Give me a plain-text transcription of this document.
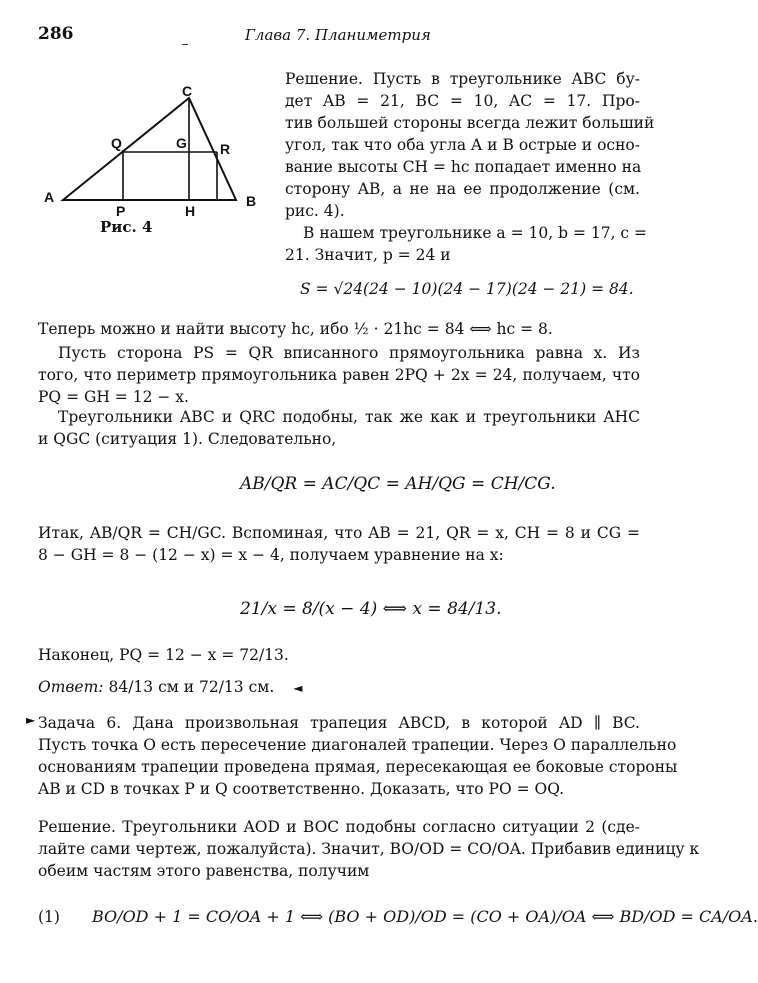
286	Глава 7. Планиметрия
C
Q	G R
A	B
P	H
Рис. 4
Решение. Пусть в треугольнике ABC бу-
дет AB = 21, BC = 10, AC = 17. Про-
тив большей стороны всегда лежит больший
угол, так что оба угла A и B острые и осно-
вание высоты CH = hc попадает именно на
сторону AB, а не на ее продолжение (см.
рис. 4).
В нашем треугольнике a = 10, b = 17, c =
21. Значит, p = 24 и
S = √24(24 − 10)(24 − 17)(24 − 21) = 84.
Теперь можно и найти высоту hc, ибо ½ · 21hc = 84 ⟺ hc = 8.
Пусть сторона PS = QR вписанного прямоугольника равна x. Из
того, что периметр прямоугольника равен 2PQ + 2x = 24, получаем, что
PQ = GH = 12 − x.
Треугольники ABC и QRC подобны, так же как и треугольники AHC
и QGC (ситуация 1). Следовательно,
AB/QR = AC/QC = AH/QG = CH/CG.
Итак, AB/QR = CH/GC. Вспоминая, что AB = 21, QR = x, CH = 8 и CG =
8 − GH = 8 − (12 − x) = x − 4, получаем уравнение на x:
21/x = 8/(x − 4) ⟺ x = 84/13.
Наконец, PQ = 12 − x = 72/13.
Ответ: 84/13 см и 72/13 см. ◄
► Задача 6. Дана произвольная трапеция ABCD, в которой AD ∥ BC.
Пусть точка O есть пересечение диагоналей трапеции. Через O параллельно
основаниям трапеции проведена прямая, пересекающая ее боковые стороны
AB и CD в точках P и Q соответственно. Доказать, что PO = OQ.
Решение. Треугольники AOD и BOC подобны согласно ситуации 2 (сде-
лайте сами чертеж, пожалуйста). Значит, BO/OD = CO/OA. Прибавив единицу к
обеим частям этого равенства, получим
(1) BO/OD + 1 = CO/OA + 1 ⟺ (BO + OD)/OD = (CO + OA)/OA ⟺ BD/OD = CA/OA.
